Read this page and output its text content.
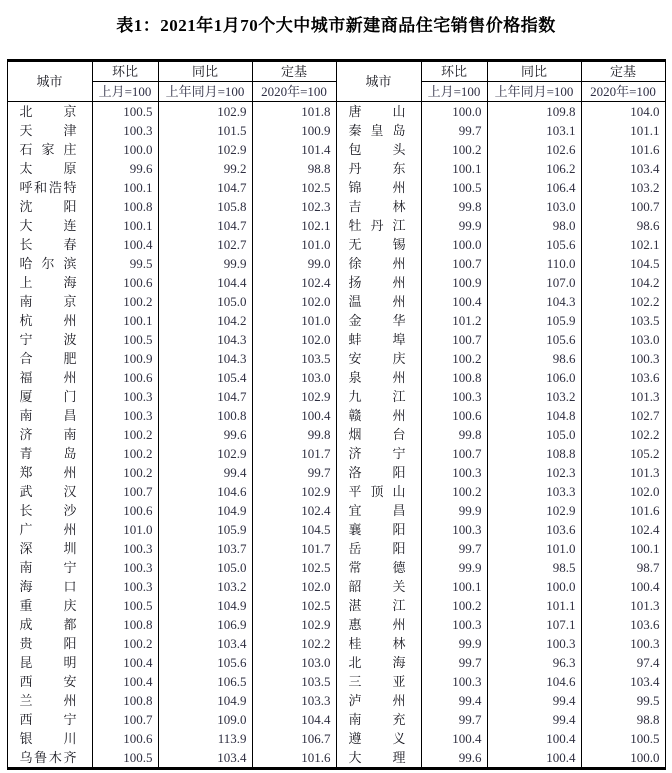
表1：2021年1月70个大中城市新建商品住宅销售价格指数
城市	环比	同比	定基	城市	环比	同比	定基
	上月=100	上年同月=100	2020年=100		上月=100	上年同月=100	2020年=100

北 京	100.5	102.9	101.8	唐 山	100.0	109.8	104.0

天 津	100.3	101.5	100.9	秦 皇 岛	99.7	103.1	101.1

石 家 庄	100.0	102.9	101.4	包 头	100.2	102.6	101.6

太 原	99.6	99.2	98.8	丹 东	100.1	106.2	103.4

呼 和 浩 特	100.1	104.7	102.5	锦 州	100.5	106.4	103.2

沈 阳	100.8	105.8	102.3	吉 林	99.8	103.0	100.7

大 连	100.1	104.7	102.1	牡 丹 江	99.9	98.0	98.6

长 春	100.4	102.7	101.0	无 锡	100.0	105.6	102.1

哈 尔 滨	99.5	99.9	99.0	徐 州	100.7	110.0	104.5

上 海	100.6	104.4	102.4	扬 州	100.9	107.0	104.2

南 京	100.2	105.0	102.0	温 州	100.4	104.3	102.2

杭 州	100.1	104.2	101.0	金 华	101.2	105.9	103.5

宁 波	100.5	104.3	102.0	蚌 埠	100.7	105.6	103.0

合 肥	100.9	104.3	103.5	安 庆	100.2	98.6	100.3

福 州	100.6	105.4	103.0	泉 州	100.8	106.0	103.6

厦 门	100.3	104.7	102.9	九 江	100.3	103.2	101.3

南 昌	100.3	100.8	100.4	赣 州	100.6	104.8	102.7

济 南	100.2	99.6	99.8	烟 台	99.8	105.0	102.2

青 岛	100.2	102.9	101.7	济 宁	100.7	108.8	105.2

郑 州	100.2	99.4	99.7	洛 阳	100.3	102.3	101.3

武 汉	100.7	104.6	102.9	平 顶 山	100.2	103.3	102.0

长 沙	100.6	104.9	102.4	宜 昌	99.9	102.9	101.6

广 州	101.0	105.9	104.5	襄 阳	100.3	103.6	102.4

深 圳	100.3	103.7	101.7	岳 阳	99.7	101.0	100.1

南 宁	100.3	105.0	102.5	常 德	99.9	98.5	98.7

海 口	100.3	103.2	102.0	韶 关	100.1	100.0	100.4

重 庆	100.5	104.9	102.5	湛 江	100.2	101.1	101.3

成 都	100.8	106.9	102.9	惠 州	100.3	107.1	103.6

贵 阳	100.2	103.4	102.2	桂 林	99.9	100.3	100.3

昆 明	100.4	105.6	103.0	北 海	99.7	96.3	97.4

西 安	100.4	106.5	103.5	三 亚	100.3	104.6	103.4

兰 州	100.8	104.9	103.3	泸 州	99.4	99.4	99.5

西 宁	100.7	109.0	104.4	南 充	99.7	99.4	98.8

银 川	100.6	113.9	106.7	遵 义	100.4	100.4	100.5

乌 鲁 木 齐	100.5	103.4	101.6	大 理	99.6	100.4	100.0
